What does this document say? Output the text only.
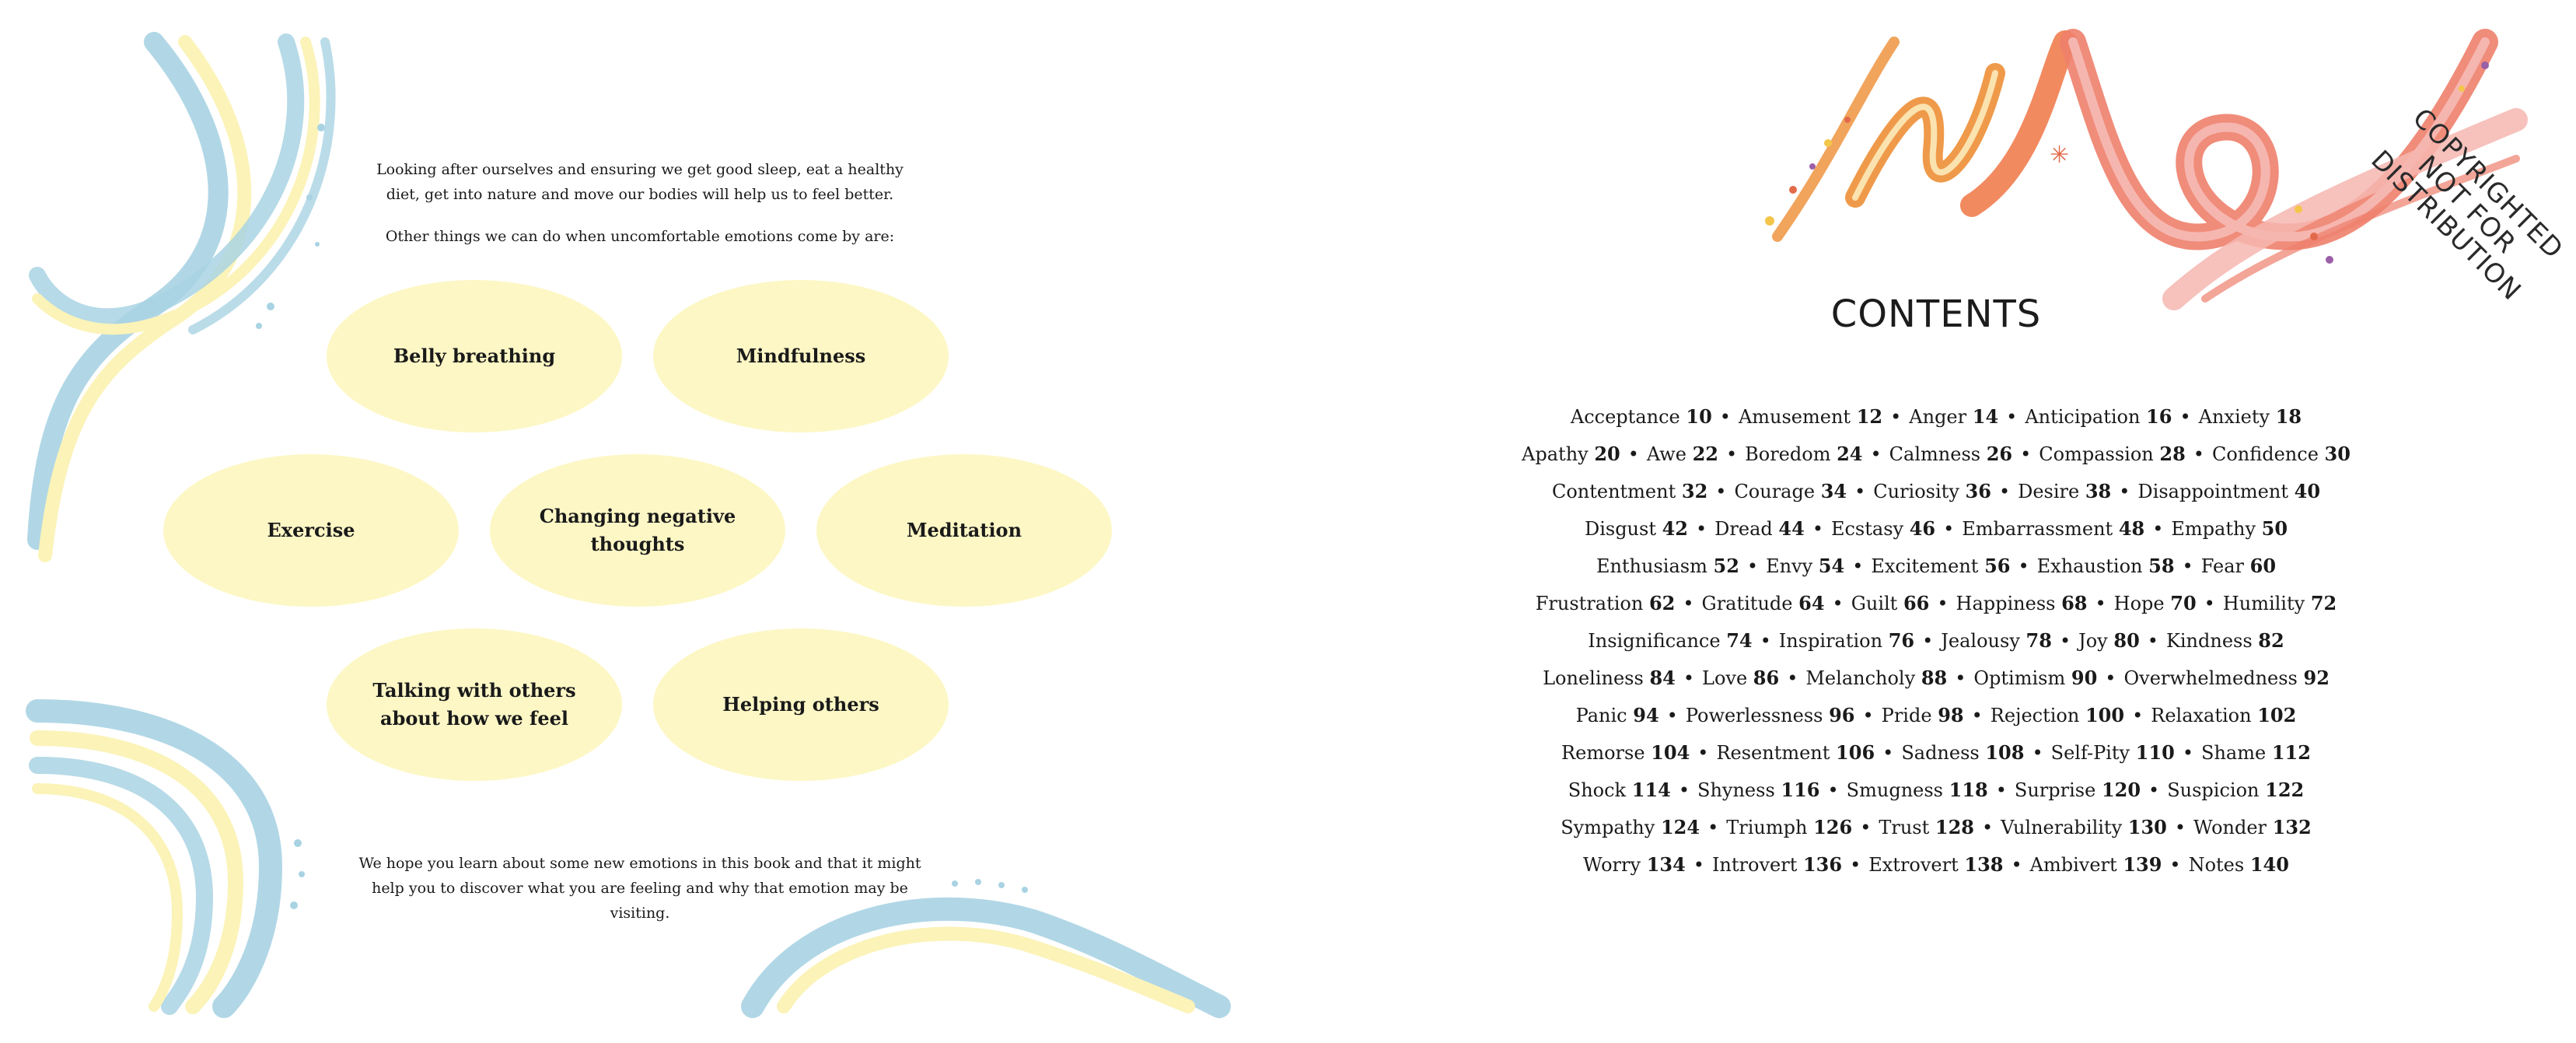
Looking after ourselves and ensuring we get good sleep, eat a healthy diet, get into nature and move our bodies will help us to feel better.

Other things we can do when uncomfortable emotions come by are:

Belly breathing	Mindfulness
Exercise
Changing negative thoughts
Meditation
Talking with others about how we feel
Helping others

We hope you learn about some new emotions in this book and that it might help you to discover what you are feeling and why that emotion may be visiting.

✳	COPYRIGHTED NOT FOR DISTRIBUTION
CONTENTS
Acceptance 10 • Amusement 12 • Anger 14 • Anticipation 16 • Anxiety 18
Apathy 20 • Awe 22 • Boredom 24 • Calmness 26 • Compassion 28 • Confidence 30
Contentment 32 • Courage 34 • Curiosity 36 • Desire 38 • Disappointment 40
Disgust 42 • Dread 44 • Ecstasy 46 • Embarrassment 48 • Empathy 50
Enthusiasm 52 • Envy 54 • Excitement 56 • Exhaustion 58 • Fear 60
Frustration 62 • Gratitude 64 • Guilt 66 • Happiness 68 • Hope 70 • Humility 72
Insignificance 74 • Inspiration 76 • Jealousy 78 • Joy 80 • Kindness 82
Loneliness 84 • Love 86 • Melancholy 88 • Optimism 90 • Overwhelmedness 92
Panic 94 • Powerlessness 96 • Pride 98 • Rejection 100 • Relaxation 102
Remorse 104 • Resentment 106 • Sadness 108 • Self-Pity 110 • Shame 112
Shock 114 • Shyness 116 • Smugness 118 • Surprise 120 • Suspicion 122
Sympathy 124 • Triumph 126 • Trust 128 • Vulnerability 130 • Wonder 132
Worry 134 • Introvert 136 • Extrovert 138 • Ambivert 139 • Notes 140
